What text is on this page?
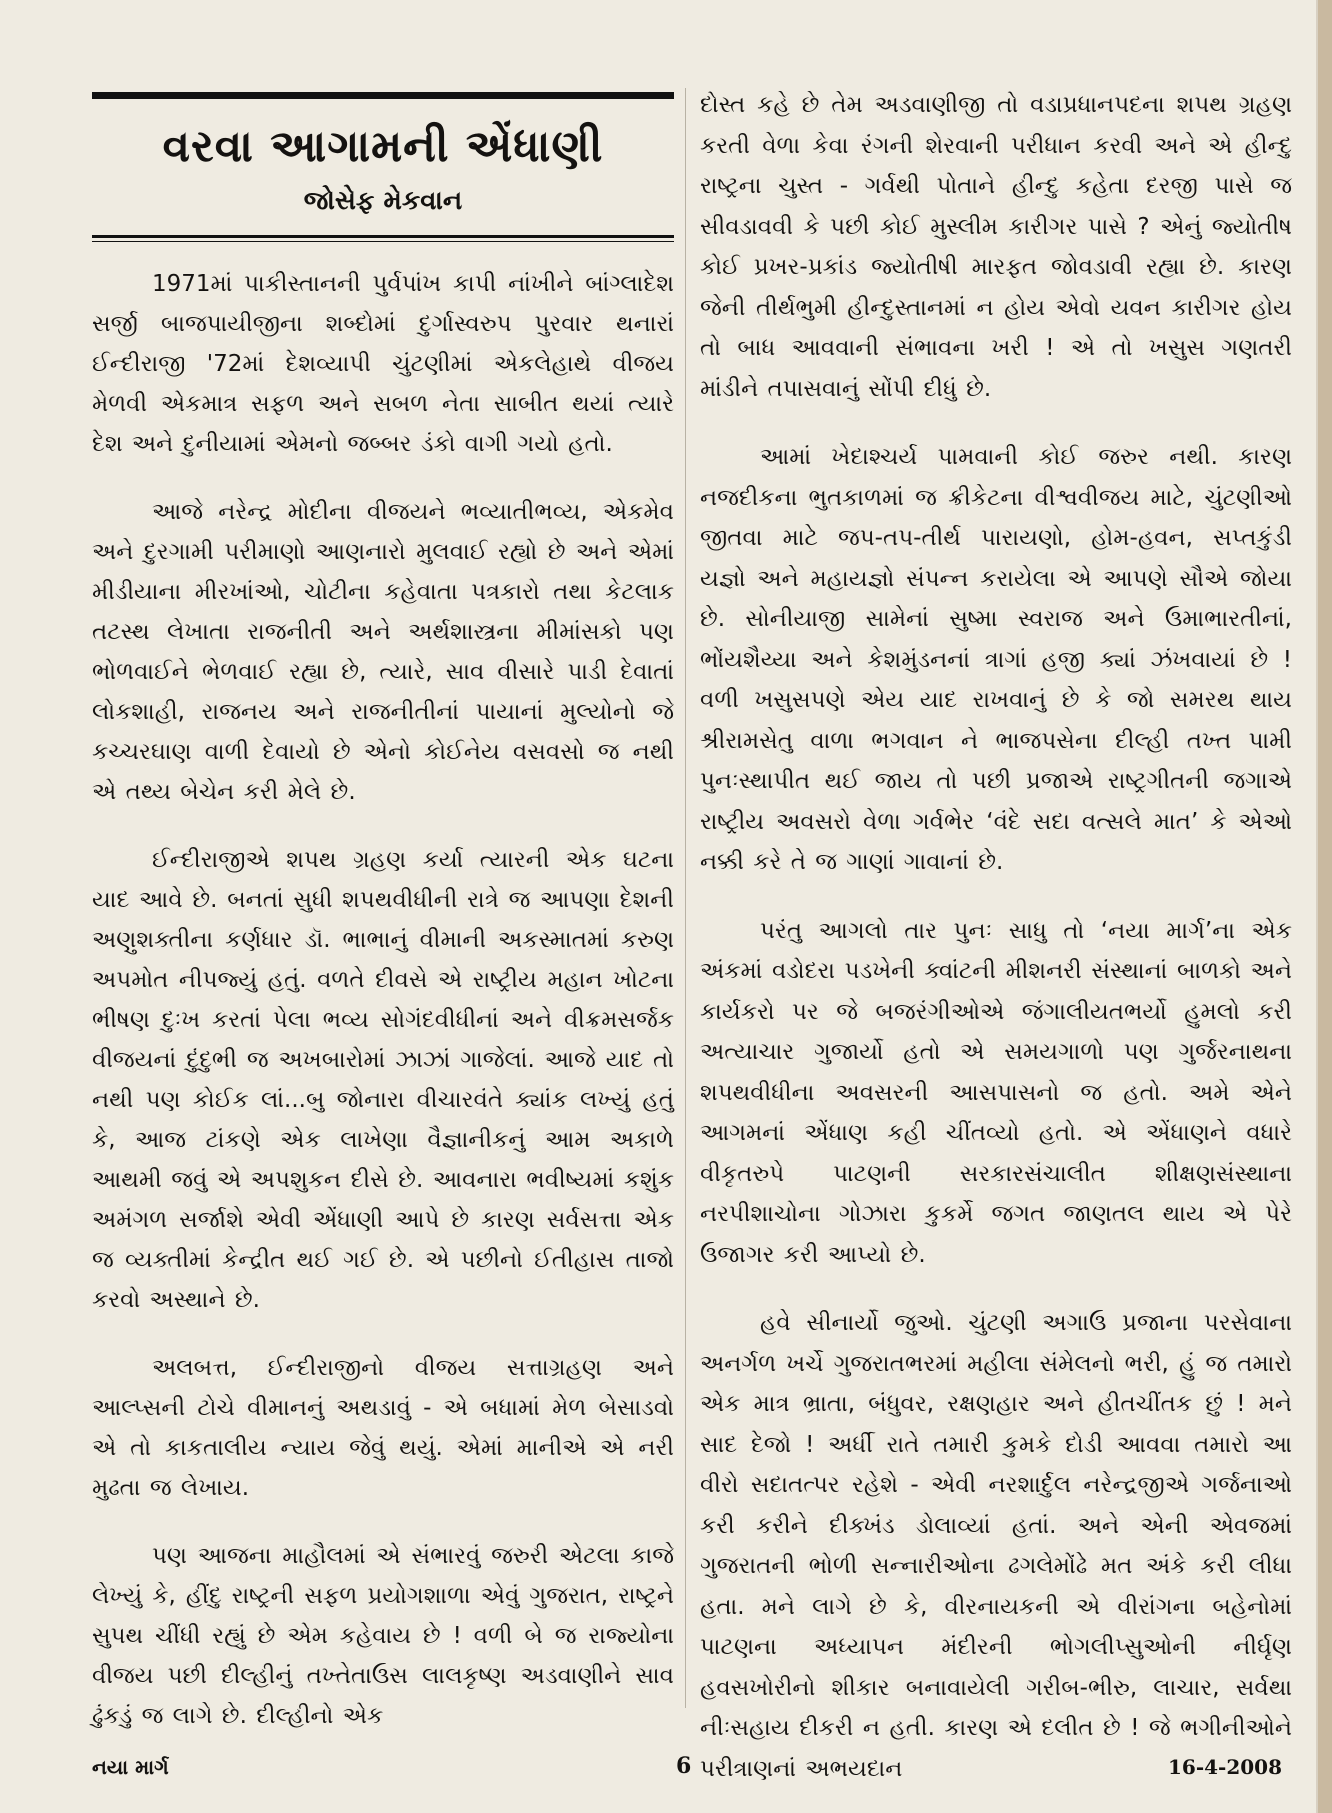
વરવા આગામની એંધાણી
જોસેફ મેકવાન

1971માં પાકીસ્તાનની પુર્વપાંખ કાપી નાંખીને બાંગ્લાદેશ સર્જી બાજપાયીજીના શબ્દોમાં દુર્ગાસ્વરુપ પુરવાર થનારાં ઈન્દીરાજી '72માં દેશવ્યાપી ચુંટણીમાં એકલેહાથે વીજય મેળવી એકમાત્ર સફળ અને સબળ નેતા સાબીત થયાં ત્યારે દેશ અને દુનીયામાં એમનો જબ્બર ડંકો વાગી ગયો હતો.

આજે નરેન્દ્ર મોદીના વીજયને ભવ્યાતીભવ્ય, એકમેવ અને દુરગામી પરીમાણો આણનારો મુલવાઈ રહ્યો છે અને એમાં મીડીયાના મીરખાંઓ, ચોટીના કહેવાતા પત્રકારો તથા કેટલાક તટસ્થ લેખાતા રાજનીતી અને અર્થશાસ્ત્રના મીમાંસકો પણ ભોળવાઈને ભેળવાઈ રહ્યા છે, ત્યારે, સાવ વીસારે પાડી દેવાતાં લોકશાહી, રાજનય અને રાજનીતીનાં પાયાનાં મુલ્યોનો જે કચ્ચરઘાણ વાળી દેવાયો છે એનો કોઈનેય વસવસો જ નથી એ તથ્ય બેચેન કરી મેલે છે.

ઈન્દીરાજીએ શપથ ગ્રહણ કર્યા ત્યારની એક ઘટના યાદ આવે છે. બનતાં સુધી શપથવીધીની રાત્રે જ આપણા દેશની અણુશક્તીના કર્ણધાર ડૉ. ભાભાનું વીમાની અકસ્માતમાં કરુણ અપમોત નીપજ્યું હતું. વળતે દીવસે એ રાષ્ટ્રીય મહાન ખોટના ભીષણ દુઃખ કરતાં પેલા ભવ્ય સોગંદવીધીનાં અને વીક્રમસર્જક વીજયનાં દુંદુભી જ અખબારોમાં ઝાઝાં ગાજેલાં. આજે યાદ તો નથી પણ કોઈક લાં...બુ જોનારા વીચારવંતે ક્યાંક લખ્યું હતું કે, આજ ટાંકણે એક લાખેણા વૈજ્ઞાનીકનું આમ અકાળે આથમી જવું એ અપશુકન દીસે છે. આવનારા ભવીષ્યમાં કશુંક અમંગળ સર્જાશે એવી એંધાણી આપે છે કારણ સર્વસત્તા એક જ વ્યક્તીમાં કેન્દ્રીત થઈ ગઈ છે. એ પછીનો ઈતીહાસ તાજો કરવો અસ્થાને છે.

અલબત્ત, ઈન્દીરાજીનો વીજય સત્તાગ્રહણ અને આલ્પ્સની ટોચે વીમાનનું અથડાવું - એ બધામાં મેળ બેસાડવો એ તો કાકતાલીય ન્યાય જેવું થયું. એમાં માનીએ એ નરી મુઢતા જ લેખાય.

પણ આજના માહૌલમાં એ સંભારવું જરુરી એટલા કાજે લેખ્યું કે, હીંદુ રાષ્ટ્રની સફળ પ્રયોગશાળા એવું ગુજરાત, રાષ્ટ્રને સુપથ ચીંધી રહ્યું છે એમ કહેવાય છે ! વળી બે જ રાજ્યોના વીજય પછી દીલ્હીનું તખ્તેતાઉસ લાલકૃષ્ણ અડવાણીને સાવ ઢુંકડું જ લાગે છે. દીલ્હીનો એક

દોસ્ત કહે છે તેમ અડવાણીજી તો વડાપ્રધાનપદના શપથ ગ્રહણ કરતી વેળા કેવા રંગની શેરવાની પરીધાન કરવી અને એ હીન્દુ રાષ્ટ્રના ચુસ્ત - ગર્વથી પોતાને હીન્દુ કહેતા દરજી પાસે જ સીવડાવવી કે પછી કોઈ મુસ્લીમ કારીગર પાસે ? એનું જ્યોતીષ કોઈ પ્રખર-પ્રકાંડ જ્યોતીષી મારફત જોવડાવી રહ્યા છે. કારણ જેની તીર્થભુમી હીન્દુસ્તાનમાં ન હોય એવો યવન કારીગર હોય તો બાધ આવવાની સંભાવના ખરી ! એ તો ખસુસ ગણતરી માંડીને તપાસવાનું સોંપી દીધું છે.

આમાં ખેદાશ્ચર્ય પામવાની કોઈ જરુર નથી. કારણ નજદીકના ભુતકાળમાં જ ક્રીકેટના વીશ્વવીજય માટે, ચુંટણીઓ જીતવા માટે જપ-તપ-તીર્થ પારાયણો, હોમ-હવન, સપ્તકુંડી યજ્ઞો અને મહાયજ્ઞો સંપન્ન કરાયેલા એ આપણે સૌએ જોયા છે. સોનીયાજી સામેનાં સુષ્મા સ્વરાજ અને ઉમાભારતીનાં, ભોંયશૈય્યા અને કેશમુંડનનાં ત્રાગાં હજી ક્યાં ઝંખવાયાં છે ! વળી ખસુસપણે એય યાદ રાખવાનું છે કે જો સમરથ થાય શ્રીરામસેતુ વાળા ભગવાન ને ભાજપસેના દીલ્હી તખ્ત પામી પુનઃસ્થાપીત થઈ જાય તો પછી પ્રજાએ રાષ્ટ્રગીતની જગાએ રાષ્ટ્રીય અવસરો વેળા ગર્વભેર ‘વંદે સદા વત્સલે માત’ કે એઓ નક્કી કરે તે જ ગાણાં ગાવાનાં છે.

પરંતુ આગલો તાર પુનઃ સાધુ તો ‘નયા માર્ગ’ના એક અંકમાં વડોદરા પડખેની ક્વાંટની મીશનરી સંસ્થાનાં બાળકો અને કાર્યકરો પર જે બજરંગીઓએ જંગાલીયતભર્યો હુમલો કરી અત્યાચાર ગુજાર્યો હતો એ સમયગાળો પણ ગુર્જરનાથના શપથવીધીના અવસરની આસપાસનો જ હતો. અમે એને આગમનાં એંધાણ કહી ચીંતવ્યો હતો. એ એંધાણને વધારે વીકૃતરુપે પાટણની સરકારસંચાલીત શીક્ષણસંસ્થાના નરપીશાચોના ગોઝારા કુકર્મે જગત જાણતલ થાય એ પેરે ઉજાગર કરી આપ્યો છે.

હવે સીનાર્યો જુઓ. ચુંટણી અગાઉ પ્રજાના પરસેવાના અનર્ગળ ખર્ચે ગુજરાતભરમાં મહીલા સંમેલનો ભરી, હું જ તમારો એક માત્ર ભ્રાતા, બંધુવર, રક્ષણહાર અને હીતચીંતક છું ! મને સાદ દેજો ! અર્ધી રાતે તમારી કુમકે દોડી આવવા તમારો આ વીરો સદાતત્પર રહેશે - એવી નરશાર્દુલ નરેન્દ્રજીએ ગર્જનાઓ કરી કરીને દીક્ખંડ ડોલાવ્યાં હતાં. અને એની એવજમાં ગુજરાતની ભોળી સન્નારીઓના ઢગલેમોંઢે મત અંકે કરી લીધા હતા. મને લાગે છે કે, વીરનાયકની એ વીરાંગના બહેનોમાં પાટણના અધ્યાપન મંદીરની ભોગલીપ્સુઓની નીર્ઘૃણ હવસખોરીનો શીકાર બનાવાયેલી ગરીબ-ભીરુ, લાચાર, સર્વથા નીઃસહાય દીકરી ન હતી. કારણ એ દલીત છે ! જે ભગીનીઓને પરીત્રાણનાં અભયદાન

નયા માર્ગ	6	16-4-2008
